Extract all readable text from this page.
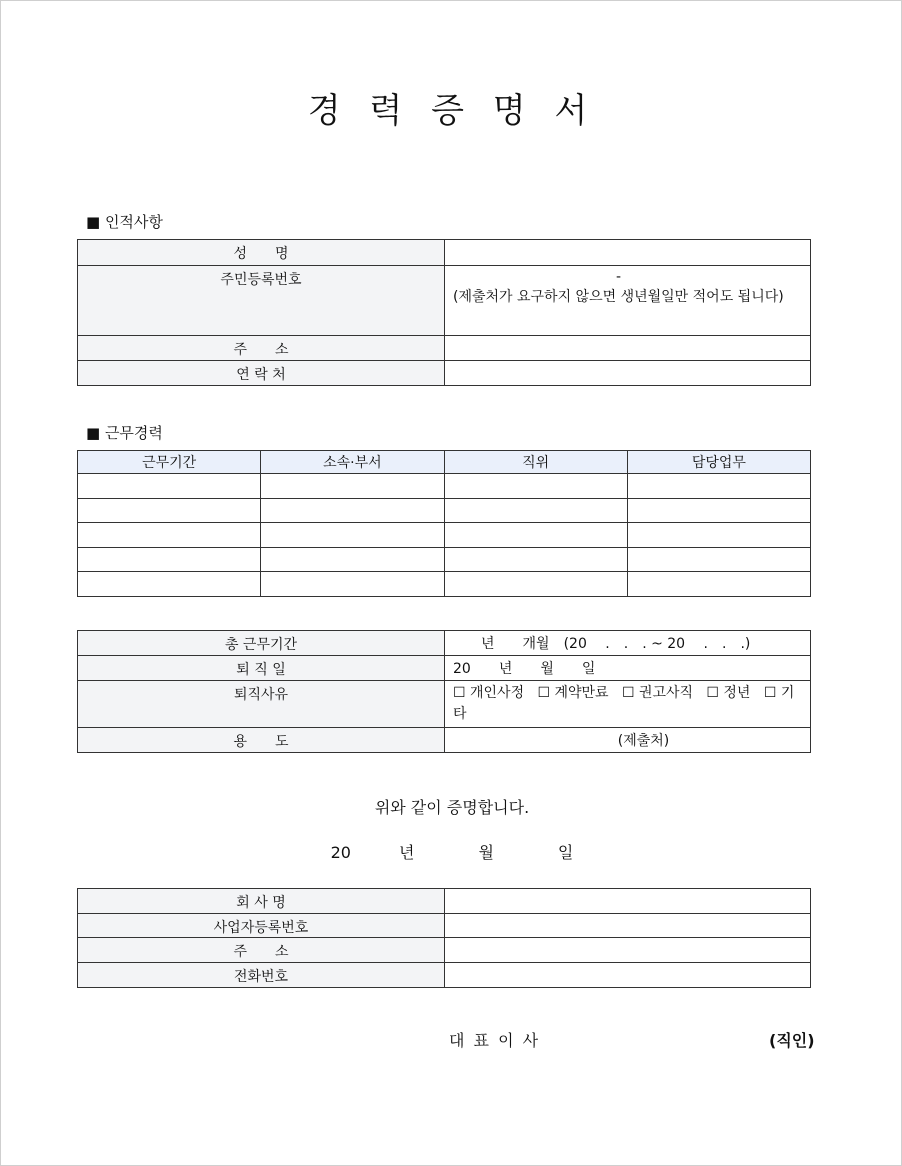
경 력 증 명 서
■ 인적사항
성　　명	
주민등록번호	-
(제출처가 요구하지 않으면 생년월일만 적어도 됩니다)

주　　소	
연 락 처	
■ 근무경력
근무기간	소속·부서	직위	담당업무

총 근무기간	년　　개월　(20　 .　.　. ~ 20　 .　.　.)
퇴 직 일	20　　년　　월　　일
퇴직사유	☐ 개인사정 ☐ 계약만료 ☐ 권고사직 ☐ 정년 ☐ 기타
용　　도	(제출처)
위와 같이 증명합니다.
20　　　년　　　　월　　　　일
회 사 명	
사업자등록번호	
주　　소	
전화번호	
대 표 이 사	(직인)
